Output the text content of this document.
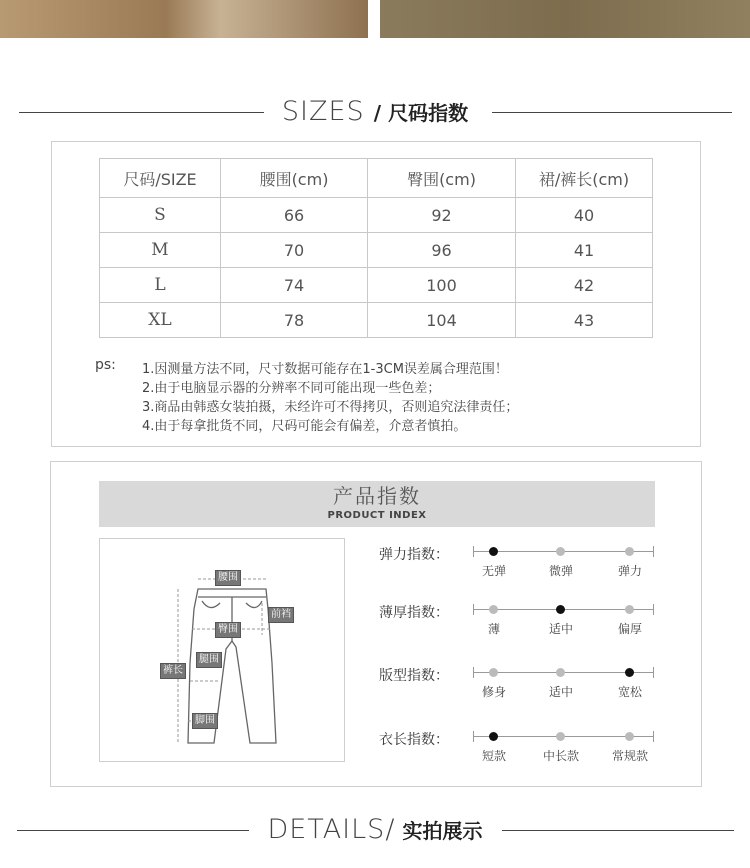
SIZES / 尺码指数
尺码/SIZE	腰围(cm)	臀围(cm)	裙/裤长(cm)
S	66	92	40
M	70	96	41
L	74	100	42
XL	78	104	43
ps: 1.因测量方法不同，尺寸数据可能存在1-3CM误差属合理范围！
2.由于电脑显示器的分辨率不同可能出现一些色差；
3.商品由韩惑女装拍摄，未经许可不得拷贝，否则追究法律责任；
4.由于每拿批货不同，尺码可能会有偏差，介意者慎拍。
产品指数
PRODUCT INDEX
腰围
前裆
臀围
裤长
腿围
脚围
弹力指数：
无弹	微弹	弹力
薄厚指数：
薄	适中	偏厚
版型指数：
修身	适中	宽松
衣长指数：
短款	中长款	常规款
DETAILS/ 实拍展示
